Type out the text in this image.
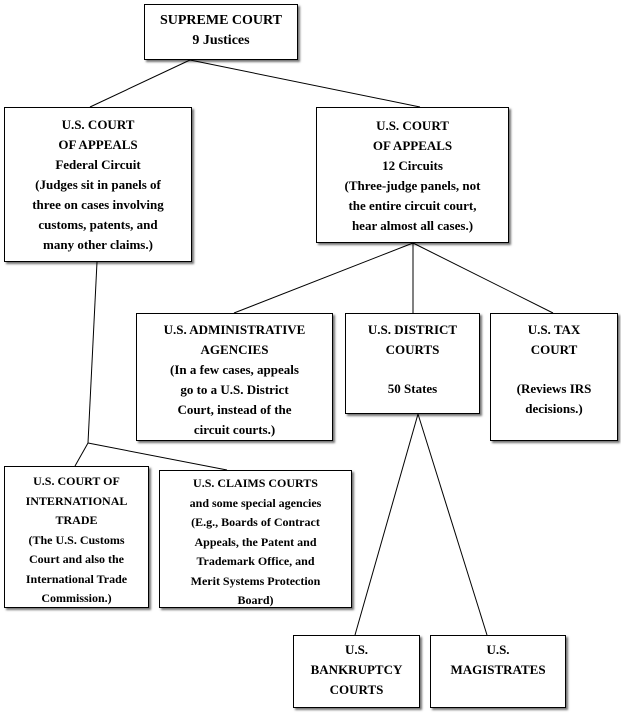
SUPREME COURT
9 Justices
U.S. COURT
OF APPEALS
Federal Circuit
(Judges sit in panels of
three on cases involving
customs, patents, and
many other claims.)
U.S. COURT
OF APPEALS
12 Circuits
(Three-judge panels, not
the entire circuit court,
hear almost all cases.)
U.S. ADMINISTRATIVE
AGENCIES
(In a few cases, appeals
go to a U.S. District
Court, instead of the
circuit courts.)
U.S. DISTRICT
COURTS
50 States
U.S. TAX
COURT
(Reviews IRS
decisions.)
U.S. COURT OF
INTERNATIONAL
TRADE
(The U.S. Customs
Court and also the
International Trade
Commission.)
U.S. CLAIMS COURTS
and some special agencies
(E.g., Boards of Contract
Appeals, the Patent and
Trademark Office, and
Merit Systems Protection
Board)
U.S.
BANKRUPTCY
COURTS
U.S.
MAGISTRATES
